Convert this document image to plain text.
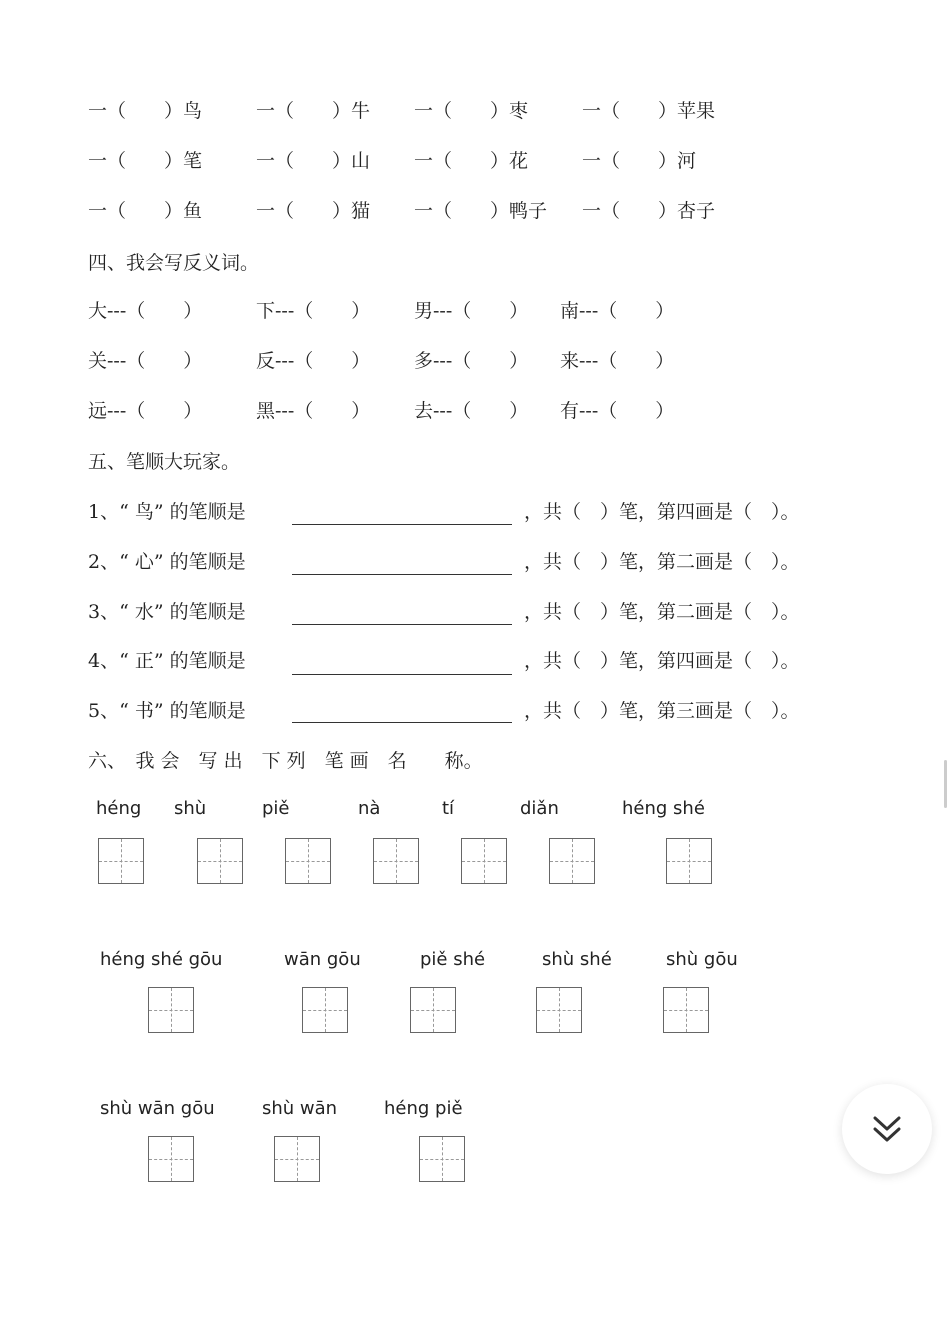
一（　　）鸟	一（　　）牛 一（　　）枣	一（　　）苹果
一（　　）笔	一（　　）山 一（　　）花	一（　　）河
一（　　）鱼	一（　　）猫 一（　　）鸭子 一（　　）杏子
四、我会写反义词。
大---（　　）	下---（　　） 男---（　　） 南---（　　）
关---（　　）	反---（　　） 多---（　　） 来---（　　）
远---（　　）	黑---（　　） 去---（　　） 有---（　　）
五、笔顺大玩家。
1、“ 鸟” 的笔顺是	，共（　）笔，第四画是（　）。
2、“ 心” 的笔顺是	，共（　）笔，第二画是（　）。
3、“ 水” 的笔顺是	，共（　）笔，第二画是（　）。
4、“ 正” 的笔顺是	，共（　）笔，第四画是（　）。
5、“ 书” 的笔顺是	，共（　）笔，第三画是（　）。
六、　我 会　写 出　下 列　笔 画　名　　称。
héng shù	piě	nà	tí	diǎn	héng shé
héng shé gōu	wān gōu	piě shé	shù shé	shù gōu
shù wān gōu	shù wān	héng piě
